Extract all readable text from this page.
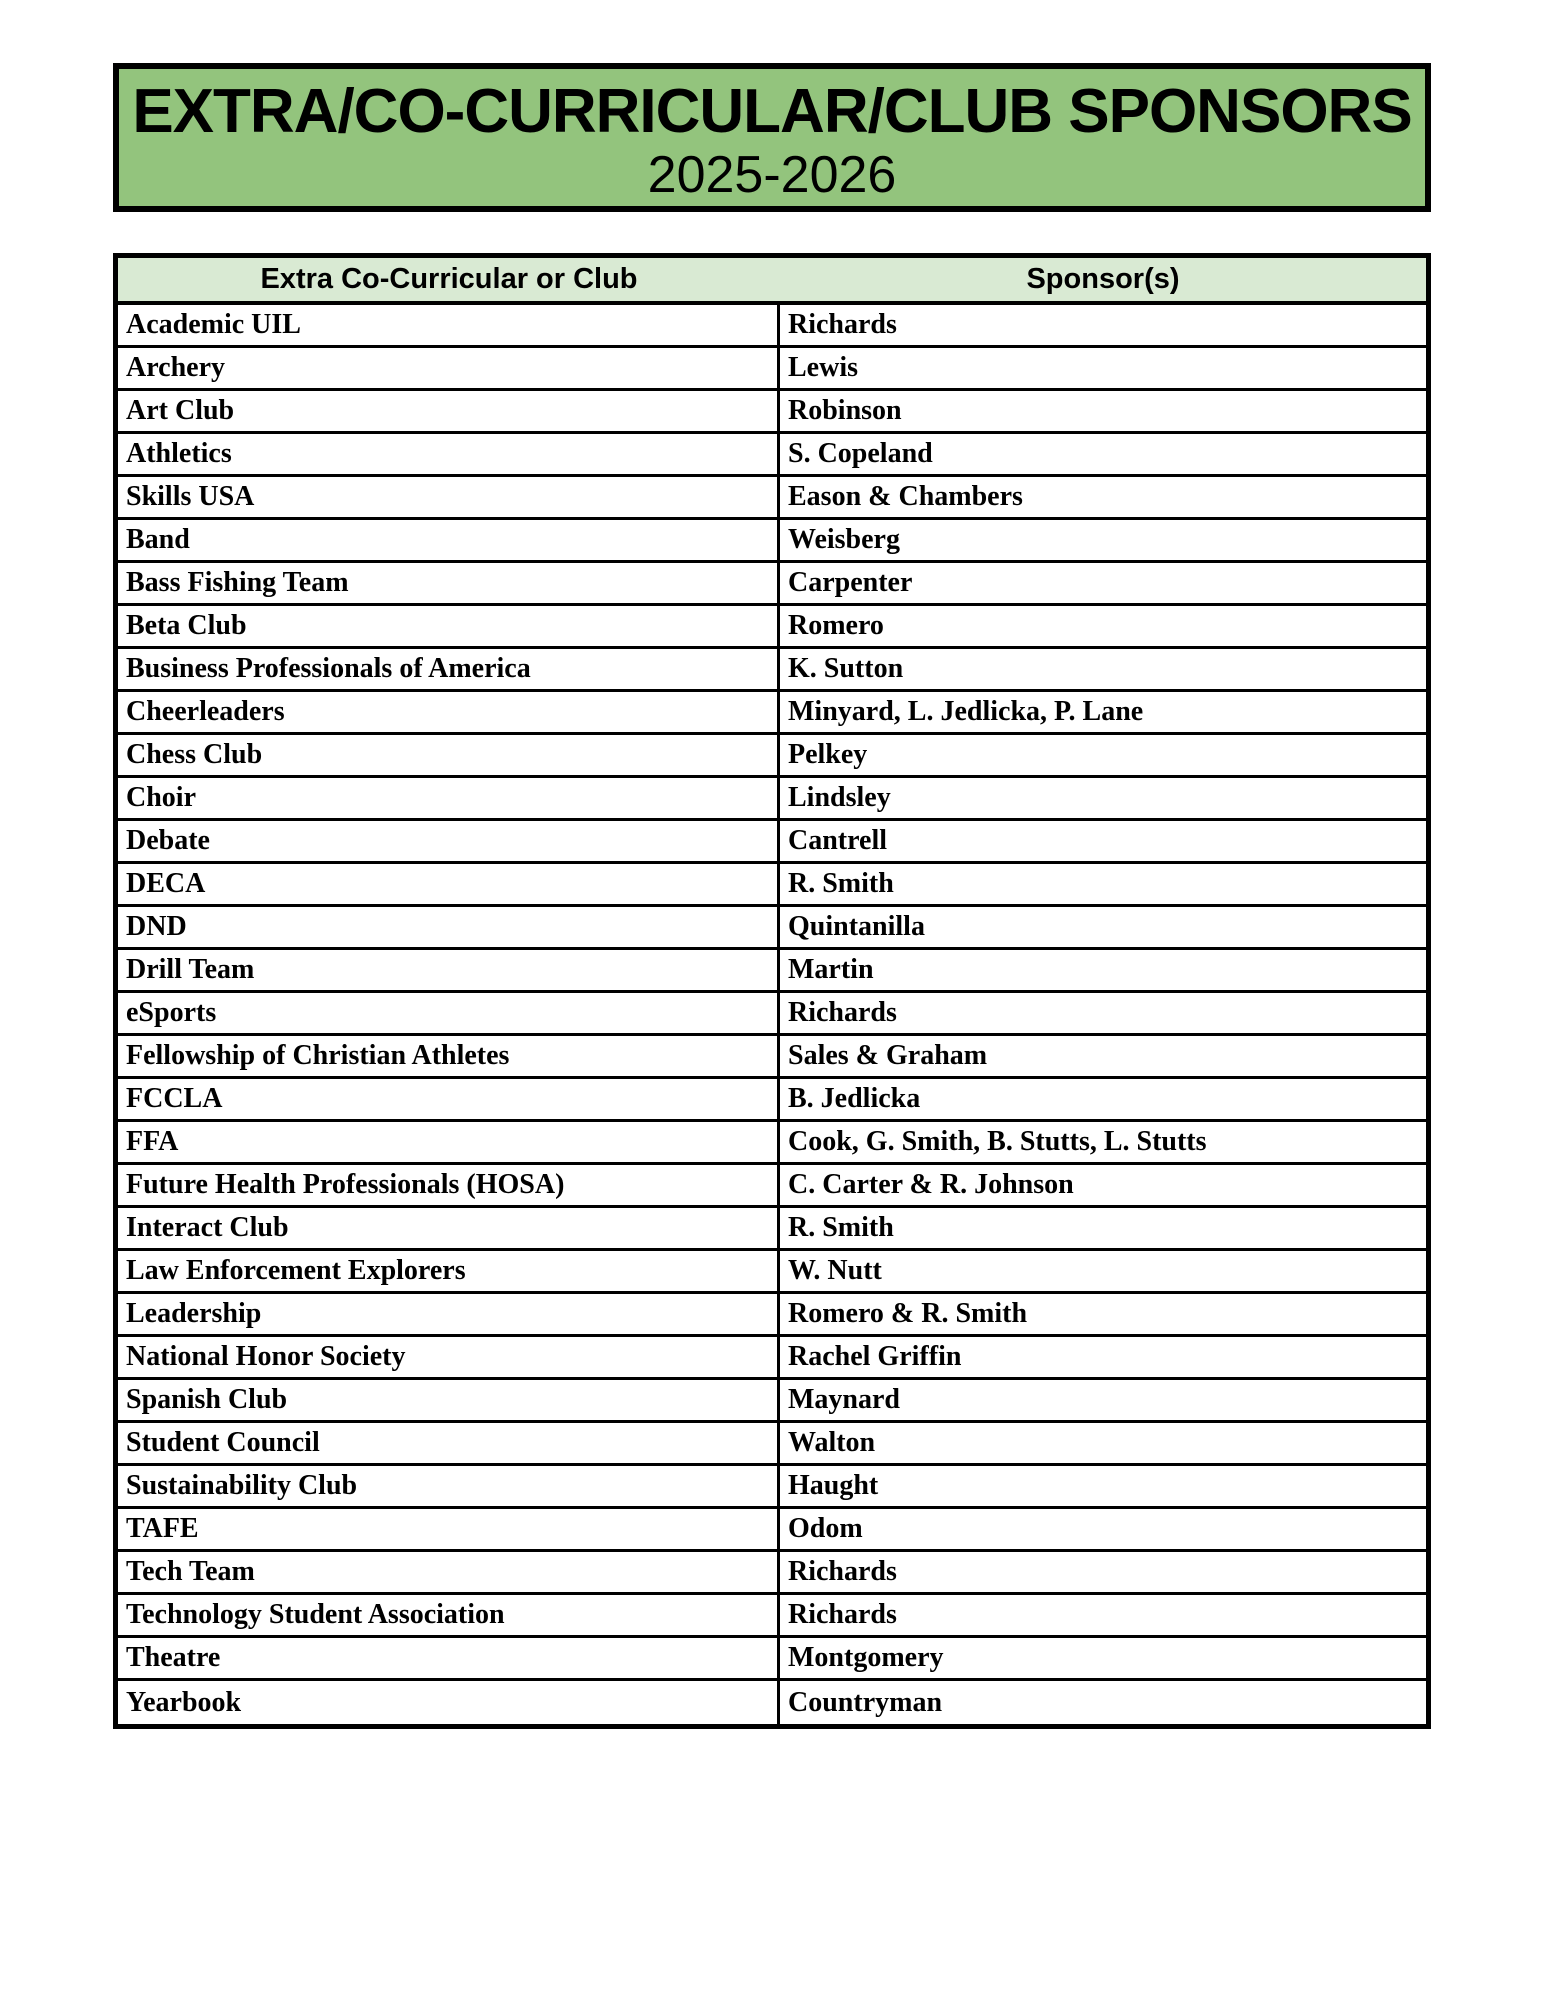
EXTRA/CO-CURRICULAR/CLUB SPONSORS
2025-2026
Extra Co-Curricular or Club	Sponsor(s)
Academic UIL	Richards
Archery	Lewis
Art Club	Robinson
Athletics	S. Copeland
Skills USA	Eason & Chambers
Band	Weisberg
Bass Fishing Team	Carpenter
Beta Club	Romero
Business Professionals of America	K. Sutton
Cheerleaders	Minyard, L. Jedlicka, P. Lane
Chess Club	Pelkey
Choir	Lindsley
Debate	Cantrell
DECA	R. Smith
DND	Quintanilla
Drill Team	Martin
eSports	Richards
Fellowship of Christian Athletes	Sales & Graham
FCCLA	B. Jedlicka
FFA	Cook, G. Smith, B. Stutts, L. Stutts
Future Health Professionals (HOSA)	C. Carter & R. Johnson
Interact Club	R. Smith
Law Enforcement Explorers	W. Nutt
Leadership	Romero & R. Smith
National Honor Society	Rachel Griffin
Spanish Club	Maynard
Student Council	Walton
Sustainability Club	Haught
TAFE	Odom
Tech Team	Richards
Technology Student Association	Richards
Theatre	Montgomery
Yearbook	Countryman
